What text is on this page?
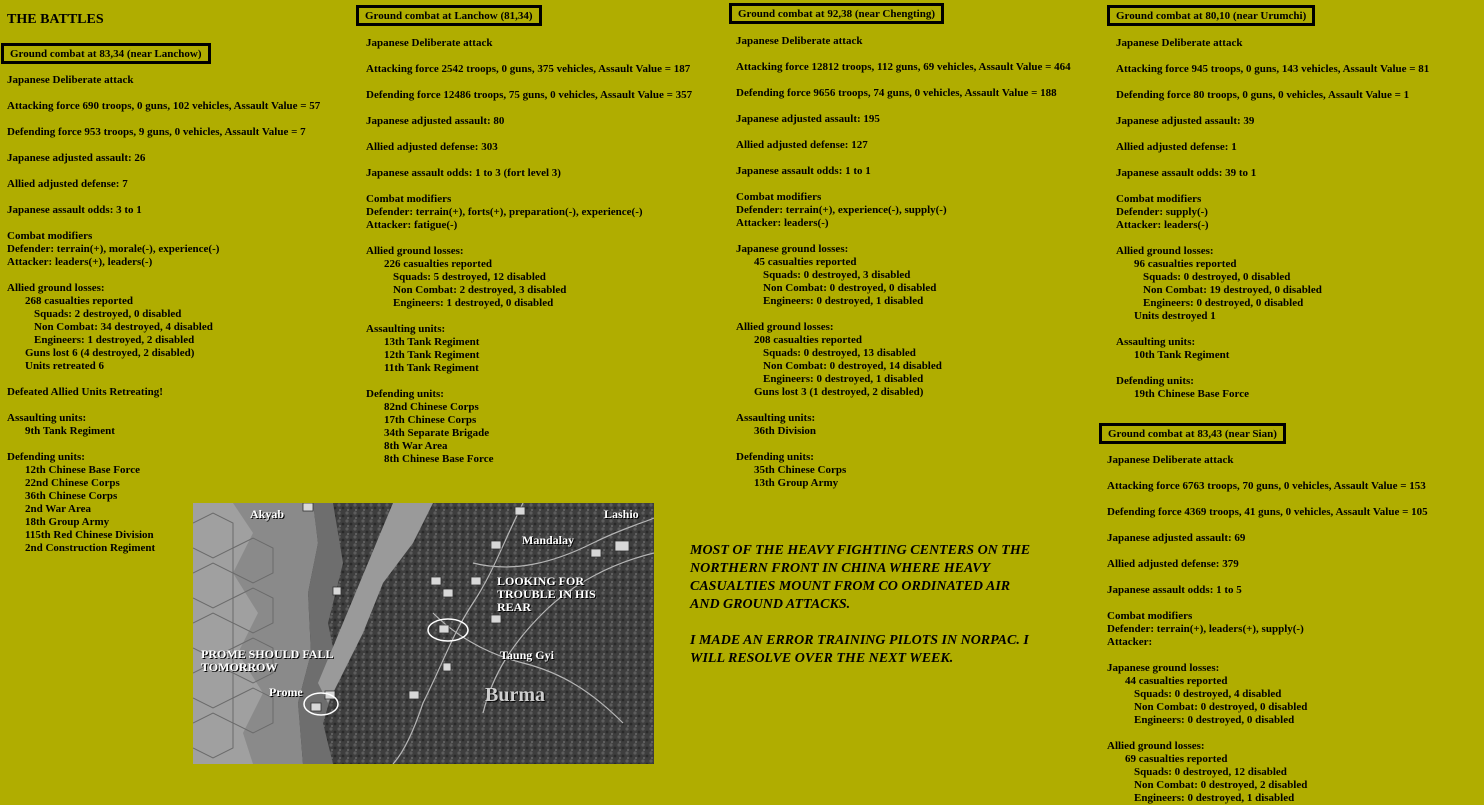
THE BATTLES
Ground combat at 83,34 (near Lanchow)
Japanese Deliberate attack
Attacking force 690 troops, 0 guns, 102 vehicles, Assault Value = 57
Defending force 953 troops, 9 guns, 0 vehicles, Assault Value = 7
Japanese adjusted assault: 26
Allied adjusted defense: 7
Japanese assault odds: 3 to 1
Combat modifiers
Defender: terrain(+), morale(-), experience(-)
Attacker: leaders(+), leaders(-)
Allied ground losses:
268 casualties reported
Squads: 2 destroyed, 0 disabled
Non Combat: 34 destroyed, 4 disabled
Engineers: 1 destroyed, 2 disabled
Guns lost 6 (4 destroyed, 2 disabled)
Units retreated 6
Defeated Allied Units Retreating!
Assaulting units:
9th Tank Regiment
Defending units:
12th Chinese Base Force
22nd Chinese Corps
36th Chinese Corps
2nd War Area
18th Group Army
115th Red Chinese Division
2nd Construction Regiment
Ground combat at Lanchow (81,34)
Japanese Deliberate attack
Attacking force 2542 troops, 0 guns, 375 vehicles, Assault Value = 187
Defending force 12486 troops, 75 guns, 0 vehicles, Assault Value = 357
Japanese adjusted assault: 80
Allied adjusted defense: 303
Japanese assault odds: 1 to 3 (fort level 3)
Combat modifiers
Defender: terrain(+), forts(+), preparation(-), experience(-)
Attacker: fatigue(-)
Allied ground losses:
226 casualties reported
Squads: 5 destroyed, 12 disabled
Non Combat: 2 destroyed, 3 disabled
Engineers: 1 destroyed, 0 disabled
Assaulting units:
13th Tank Regiment
12th Tank Regiment
11th Tank Regiment
Defending units:
82nd Chinese Corps
17th Chinese Corps
34th Separate Brigade
8th War Area
8th Chinese Base Force
Ground combat at 92,38 (near Chengting)
Japanese Deliberate attack
Attacking force 12812 troops, 112 guns, 69 vehicles, Assault Value = 464
Defending force 9656 troops, 74 guns, 0 vehicles, Assault Value = 188
Japanese adjusted assault: 195
Allied adjusted defense: 127
Japanese assault odds: 1 to 1
Combat modifiers
Defender: terrain(+), experience(-), supply(-)
Attacker: leaders(-)
Japanese ground losses:
45 casualties reported
Squads: 0 destroyed, 3 disabled
Non Combat: 0 destroyed, 0 disabled
Engineers: 0 destroyed, 1 disabled
Allied ground losses:
208 casualties reported
Squads: 0 destroyed, 13 disabled
Non Combat: 0 destroyed, 14 disabled
Engineers: 0 destroyed, 1 disabled
Guns lost 3 (1 destroyed, 2 disabled)
Assaulting units:
36th Division
Defending units:
35th Chinese Corps
13th Group Army
Ground combat at 80,10 (near Urumchi)
Japanese Deliberate attack
Attacking force 945 troops, 0 guns, 143 vehicles, Assault Value = 81
Defending force 80 troops, 0 guns, 0 vehicles, Assault Value = 1
Japanese adjusted assault: 39
Allied adjusted defense: 1
Japanese assault odds: 39 to 1
Combat modifiers
Defender: supply(-)
Attacker: leaders(-)
Allied ground losses:
96 casualties reported
Squads: 0 destroyed, 0 disabled
Non Combat: 19 destroyed, 0 disabled
Engineers: 0 destroyed, 0 disabled
Units destroyed 1
Assaulting units:
10th Tank Regiment
Defending units:
19th Chinese Base Force
Ground combat at 83,43 (near Sian)
Japanese Deliberate attack
Attacking force 6763 troops, 70 guns, 0 vehicles, Assault Value = 153
Defending force 4369 troops, 41 guns, 0 vehicles, Assault Value = 105
Japanese adjusted assault: 69
Allied adjusted defense: 379
Japanese assault odds: 1 to 5
Combat modifiers
Defender: terrain(+), leaders(+), supply(-)
Attacker:
Japanese ground losses:
44 casualties reported
Squads: 0 destroyed, 4 disabled
Non Combat: 0 destroyed, 0 disabled
Engineers: 0 destroyed, 0 disabled
Allied ground losses:
69 casualties reported
Squads: 0 destroyed, 12 disabled
Non Combat: 0 destroyed, 2 disabled
Engineers: 0 destroyed, 1 disabled
Akyab	Lashio
Mandalay
LOOKING FOR TROUBLE IN HIS REAR
PROME SHOULD FALL TOMORROW
Prome
Taung Gyi
Burma
MOST OF THE HEAVY FIGHTING CENTERS ON THE NORTHERN FRONT IN CHINA WHERE HEAVY CASUALTIES MOUNT FROM CO ORDINATED AIR AND GROUND ATTACKS.
I MADE AN ERROR TRAINING PILOTS IN NORPAC. I WILL RESOLVE OVER THE NEXT WEEK.
